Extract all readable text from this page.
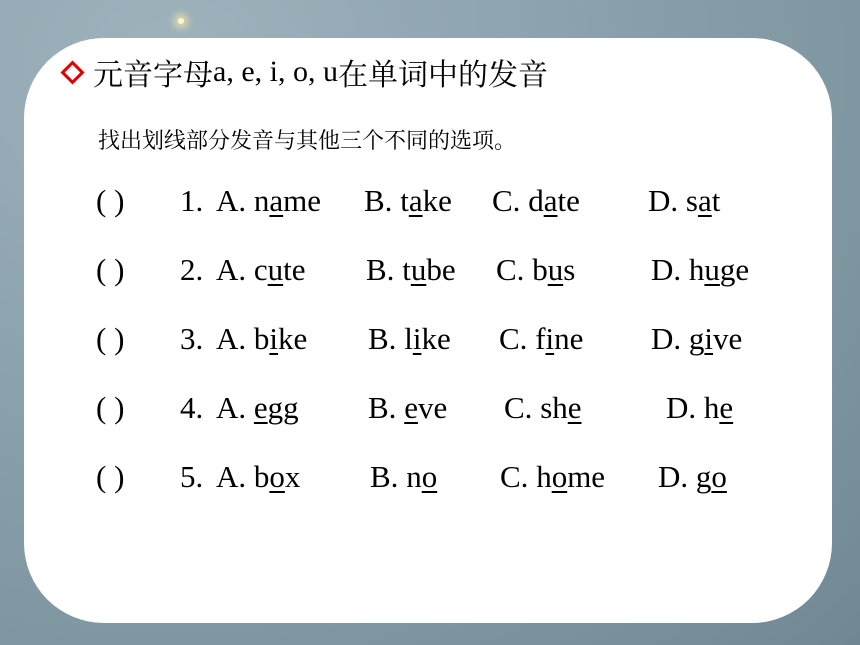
元音字母 a, e, i, o, u 在单词中的发音
找出划线部分发音与其他三个不同的选项。
( ) 1. A. name B. take C. date D. sat
( ) 2. A. cute B. tube C. bus D. huge
( ) 3. A. bike B. like C. fine D. give
( ) 4. A. egg B. eve C. she	D. he
( ) 5. A. box B. no C. home D. go
